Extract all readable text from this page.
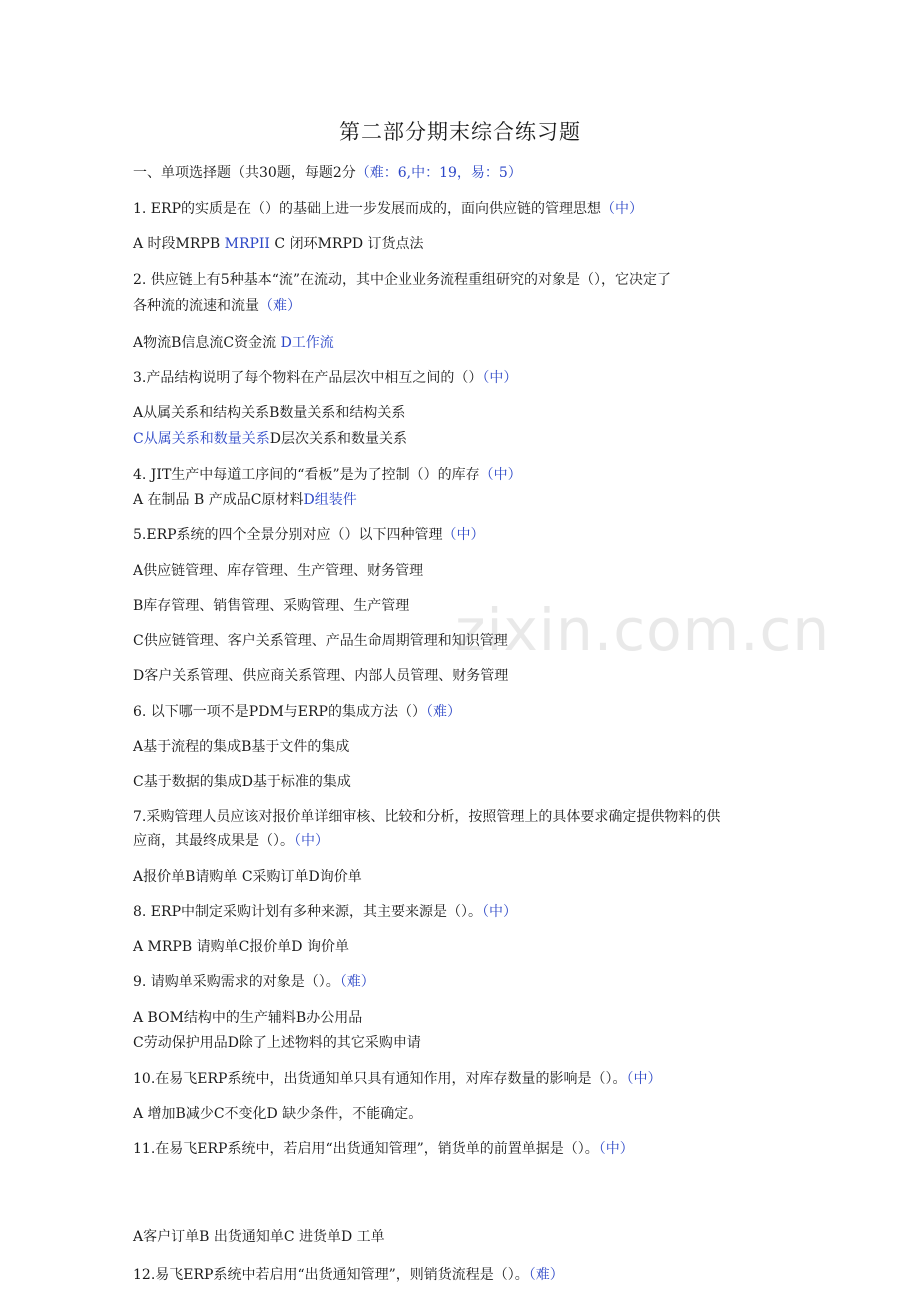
zixin.com.cn
第二部分期末综合练习题
一、单项选择题（共30题，每题2分（难：6,中：19，易：5）
1. ERP的实质是在（）的基础上进一步发展而成的，面向供应链的管理思想（中）
A 时段MRPB MRPII C 闭环MRPD 订货点法
2. 供应链上有5种基本“流”在流动，其中企业业务流程重组研究的对象是（），它决定了
各种流的流速和流量（难）
A物流B信息流C资金流 D工作流
3.产品结构说明了每个物料在产品层次中相互之间的（）（中）
A从属关系和结构关系B数量关系和结构关系
C从属关系和数量关系D层次关系和数量关系
4. JIT生产中每道工序间的“看板”是为了控制（）的库存（中）
A 在制品 B 产成品C原材料D组装件
5.ERP系统的四个全景分别对应（）以下四种管理（中）
A供应链管理、库存管理、生产管理、财务管理
B库存管理、销售管理、采购管理、生产管理
C供应链管理、客户关系管理、产品生命周期管理和知识管理
D客户关系管理、供应商关系管理、内部人员管理、财务管理
6. 以下哪一项不是PDM与ERP的集成方法（）（难）
A基于流程的集成B基于文件的集成
C基于数据的集成D基于标准的集成
7.采购管理人员应该对报价单详细审核、比较和分析，按照管理上的具体要求确定提供物料的供
应商，其最终成果是（）。（中）
A报价单B请购单 C采购订单D询价单
8. ERP中制定采购计划有多种来源，其主要来源是（）。（中）
A MRPB 请购单C报价单D 询价单
9. 请购单采购需求的对象是（）。（难）
A BOM结构中的生产辅料B办公用品
C劳动保护用品D除了上述物料的其它采购申请
10.在易飞ERP系统中，出货通知单只具有通知作用，对库存数量的影响是（）。（中）
A 增加B减少C不变化D 缺少条件，不能确定。
11.在易飞ERP系统中，若启用“出货通知管理”，销货单的前置单据是（）。（中）
A客户订单B 出货通知单C 进货单D 工单
12.易飞ERP系统中若启用“出货通知管理”，则销货流程是（）。（难）
